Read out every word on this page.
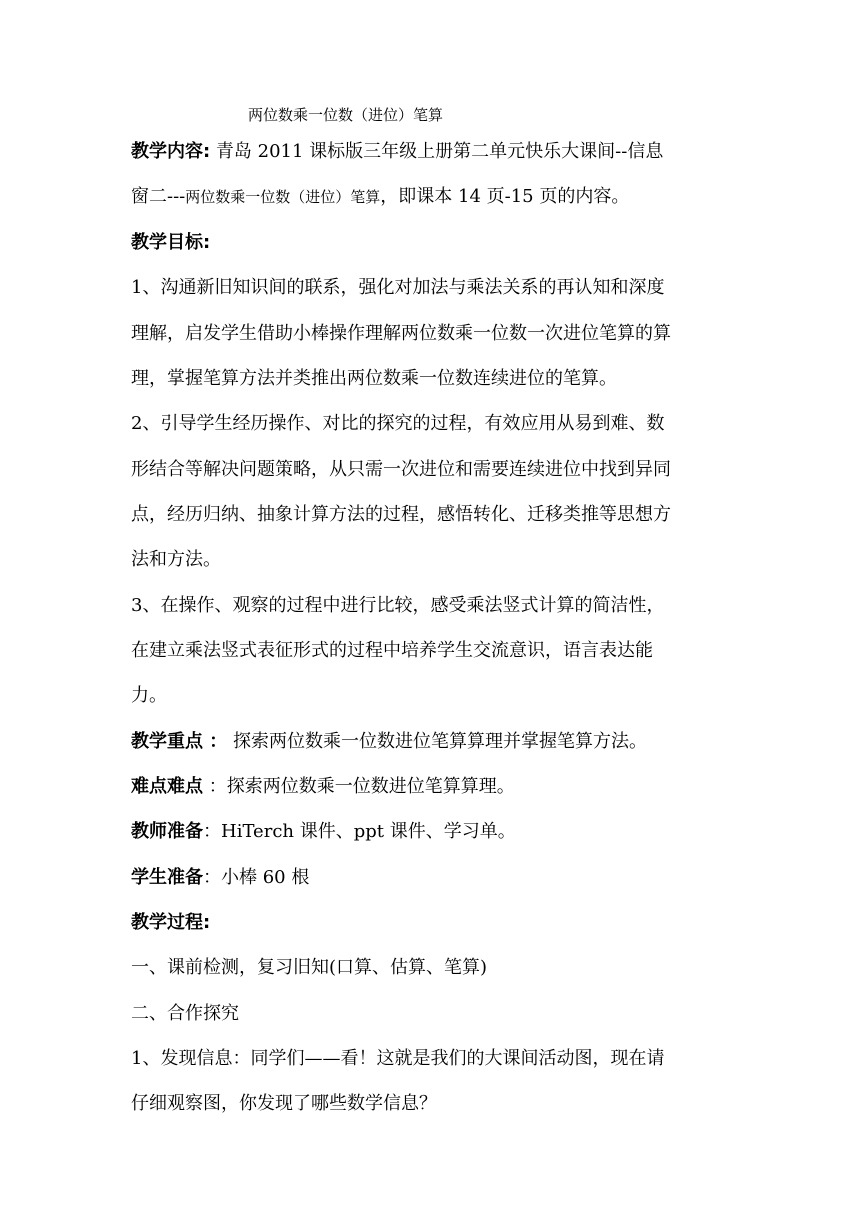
两位数乘一位数（进位）笔算
教学内容: 青岛 2011 课标版三年级上册第二单元快乐大课间--信息
窗二---两位数乘一位数（进位）笔算，即课本 14 页-15 页的内容。
教学目标:
1、沟通新旧知识间的联系，强化对加法与乘法关系的再认知和深度
理解，启发学生借助小棒操作理解两位数乘一位数一次进位笔算的算
理，掌握笔算方法并类推出两位数乘一位数连续进位的笔算。
2、引导学生经历操作、对比的探究的过程，有效应用从易到难、数
形结合等解决问题策略，从只需一次进位和需要连续进位中找到异同
点，经历归纳、抽象计算方法的过程，感悟转化、迁移类推等思想方
法和方法。
3、在操作、观察的过程中进行比较，感受乘法竖式计算的简洁性，
在建立乘法竖式表征形式的过程中培养学生交流意识，语言表达能
力。
教学重点 ： 探索两位数乘一位数进位笔算算理并掌握笔算方法。
难点难点 ：探索两位数乘一位数进位笔算算理。
教师准备：HiTerch 课件、ppt 课件、学习单。
学生准备：小棒 60 根
教学过程:
一、课前检测，复习旧知(口算、估算、笔算)
二、合作探究
1、发现信息：同学们——看！这就是我们的大课间活动图，现在请
仔细观察图，你发现了哪些数学信息？
